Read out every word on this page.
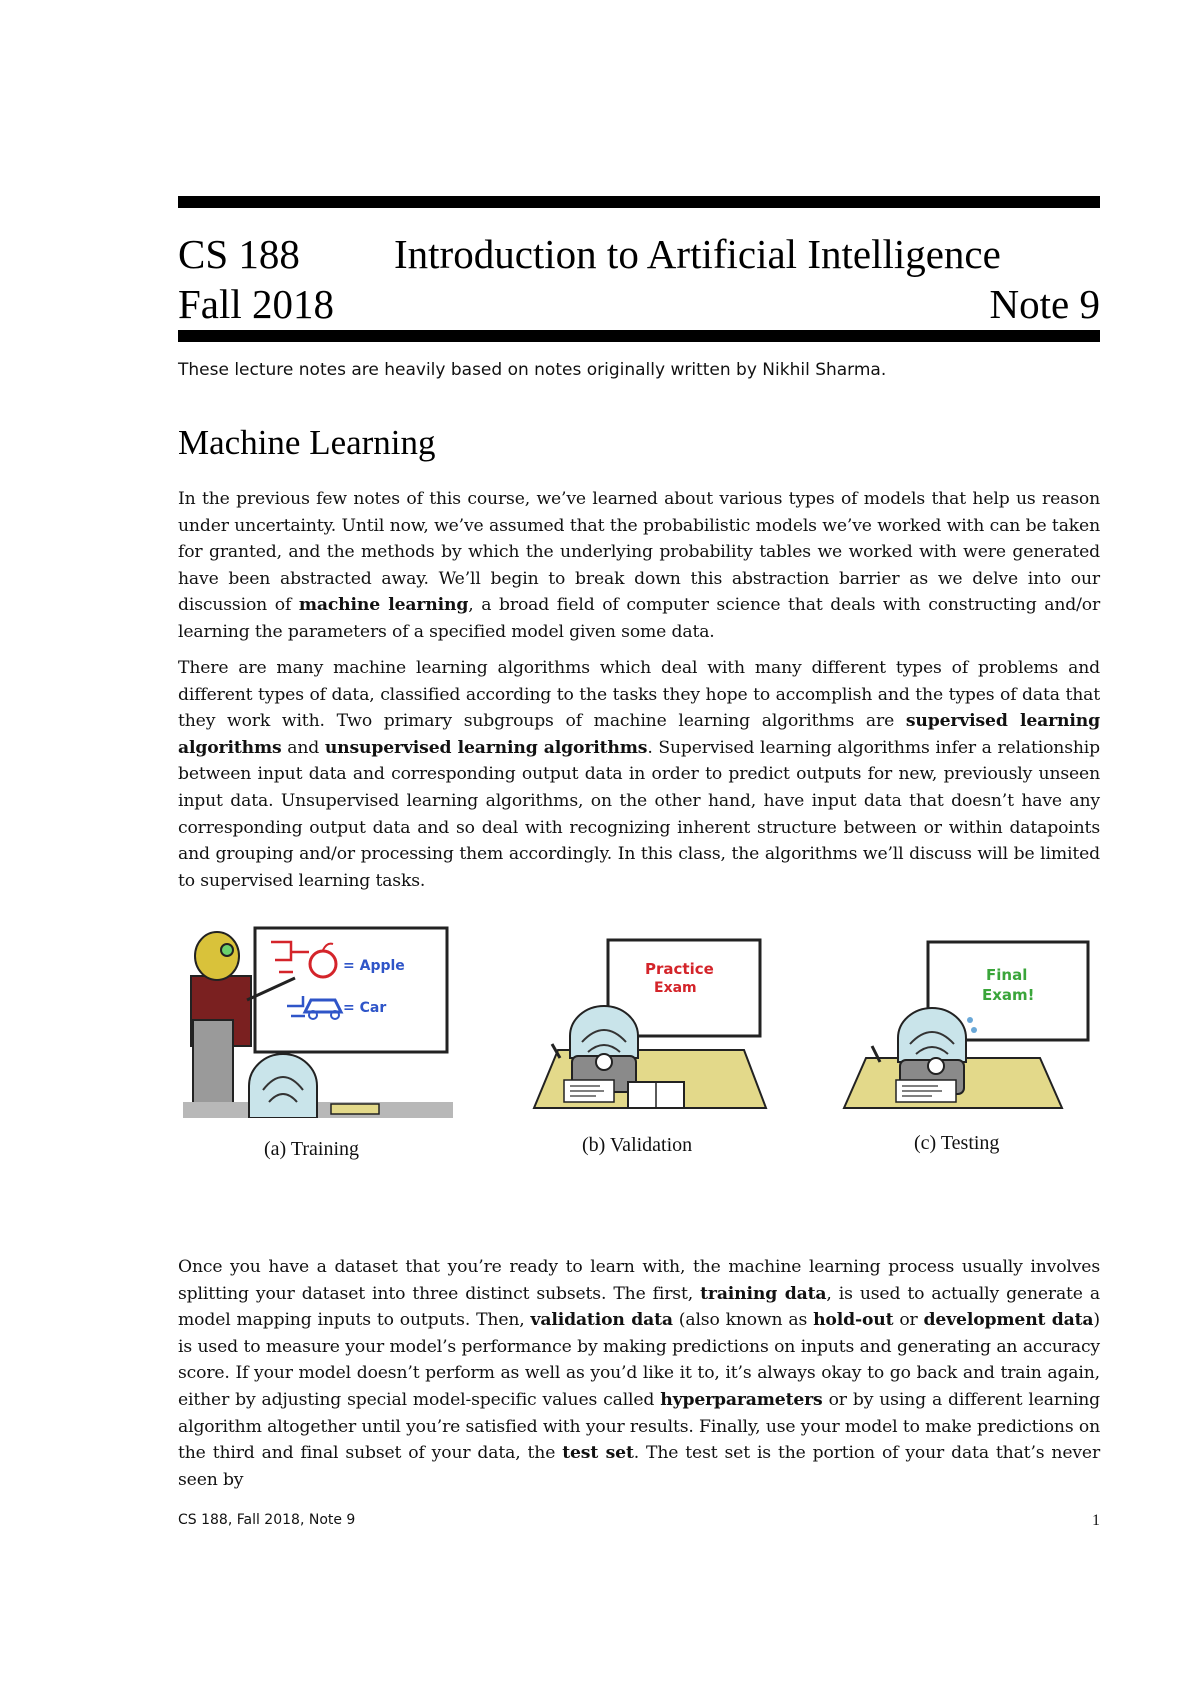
CS 188 Introduction to Artificial Intelligence
Fall 2018	Note 9
These lecture notes are heavily based on notes originally written by Nikhil Sharma.
Machine Learning

In the previous few notes of this course, we’ve learned about various types of models that help us reason under uncertainty. Until now, we’ve assumed that the probabilistic models we’ve worked with can be taken for granted, and the methods by which the underlying probability tables we worked with were generated have been abstracted away. We’ll begin to break down this abstraction barrier as we delve into our discussion of machine learning, a broad field of computer science that deals with constructing and/or learning the parameters of a specified model given some data.

There are many machine learning algorithms which deal with many different types of problems and different types of data, classified according to the tasks they hope to accomplish and the types of data that they work with. Two primary subgroups of machine learning algorithms are supervised learning algorithms and unsupervised learning algorithms. Supervised learning algorithms infer a relationship between input data and corresponding output data in order to predict outputs for new, previously unseen input data. Unsupervised learning algorithms, on the other hand, have input data that doesn’t have any corresponding output data and so deal with recognizing inherent structure between or within datapoints and grouping and/or processing them accordingly. In this class, the algorithms we’ll discuss will be limited to supervised learning tasks.

= Apple
= Car
(a) Training
Practice
Exam
(b) Validation
Final
Exam!
(c) Testing

Once you have a dataset that you’re ready to learn with, the machine learning process usually involves splitting your dataset into three distinct subsets. The first, training data, is used to actually generate a model mapping inputs to outputs. Then, validation data (also known as hold-out or development data) is used to measure your model’s performance by making predictions on inputs and generating an accuracy score. If your model doesn’t perform as well as you’d like it to, it’s always okay to go back and train again, either by adjusting special model-specific values called hyperparameters or by using a different learning algorithm altogether until you’re satisfied with your results. Finally, use your model to make predictions on the third and final subset of your data, the test set. The test set is the portion of your data that’s never seen by

CS 188, Fall 2018, Note 9	1
